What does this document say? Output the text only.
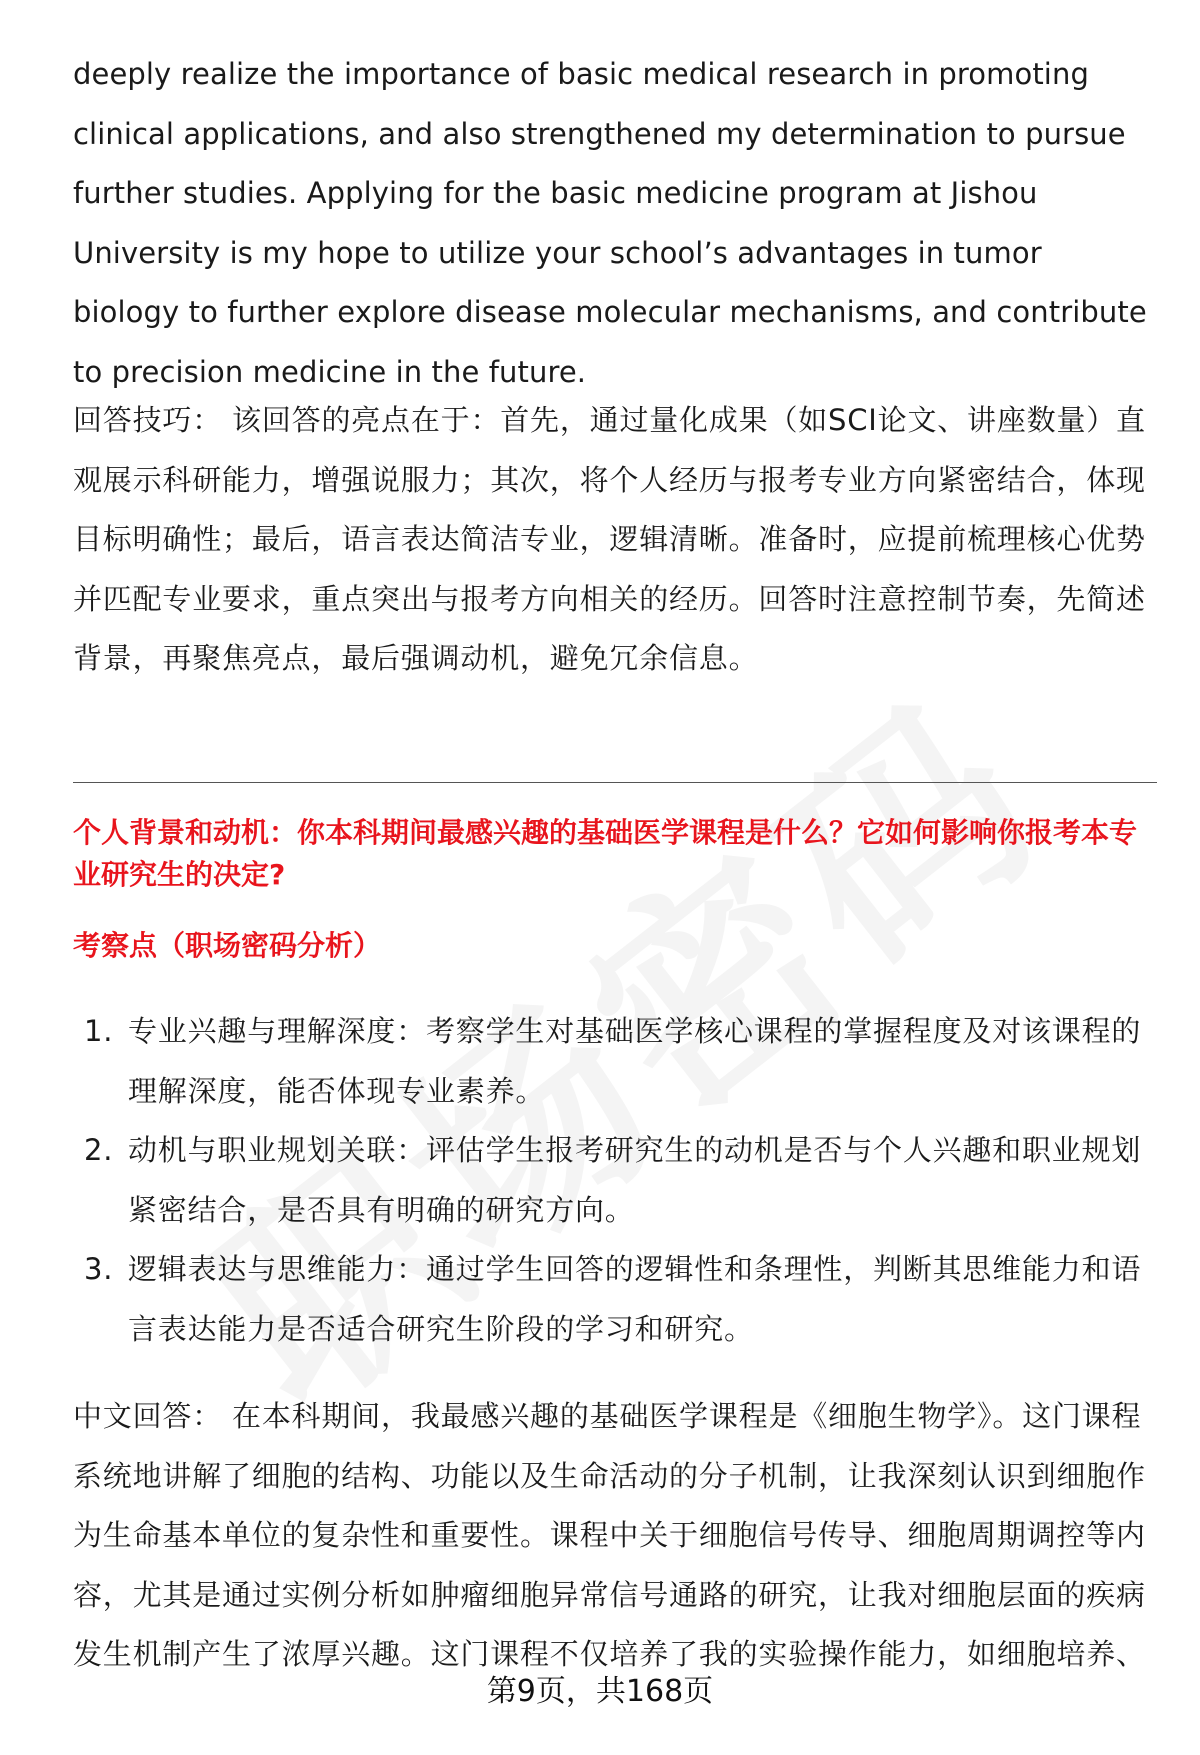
deeply realize the importance of basic medical research in promoting clinical applications, and also strengthened my determination to pursue further studies. Applying for the basic medicine program at Jishou University is my hope to utilize your school’s advantages in tumor biology to further explore disease molecular mechanisms, and contribute to precision medicine in the future.

回答技巧： 该回答的亮点在于：首先，通过量化成果（如SCI论文、讲座数量）直观展示科研能力，增强说服力；其次，将个人经历与报考专业方向紧密结合，体现目标明确性；最后，语言表达简洁专业，逻辑清晰。准备时，应提前梳理核心优势并匹配专业要求，重点突出与报考方向相关的经历。回答时注意控制节奏，先简述背景，再聚焦亮点，最后强调动机，避免冗余信息。

个人背景和动机：你本科期间最感兴趣的基础医学课程是什么？它如何影响你报考本专业研究生的决定?
考察点（职场密码分析）
1. 专业兴趣与理解深度：考察学生对基础医学核心课程的掌握程度及对该课程的理解深度，能否体现专业素养。
2. 动机与职业规划关联：评估学生报考研究生的动机是否与个人兴趣和职业规划紧密结合，是否具有明确的研究方向。
3. 逻辑表达与思维能力：通过学生回答的逻辑性和条理性，判断其思维能力和语言表达能力是否适合研究生阶段的学习和研究。

中文回答： 在本科期间，我最感兴趣的基础医学课程是《细胞生物学》。这门课程系统地讲解了细胞的结构、功能以及生命活动的分子机制，让我深刻认识到细胞作为生命基本单位的复杂性和重要性。课程中关于细胞信号传导、细胞周期调控等内容，尤其是通过实例分析如肿瘤细胞异常信号通路的研究，让我对细胞层面的疾病发生机制产生了浓厚兴趣。这门课程不仅培养了我的实验操作能力，如细胞培养、

第9页，共168页
